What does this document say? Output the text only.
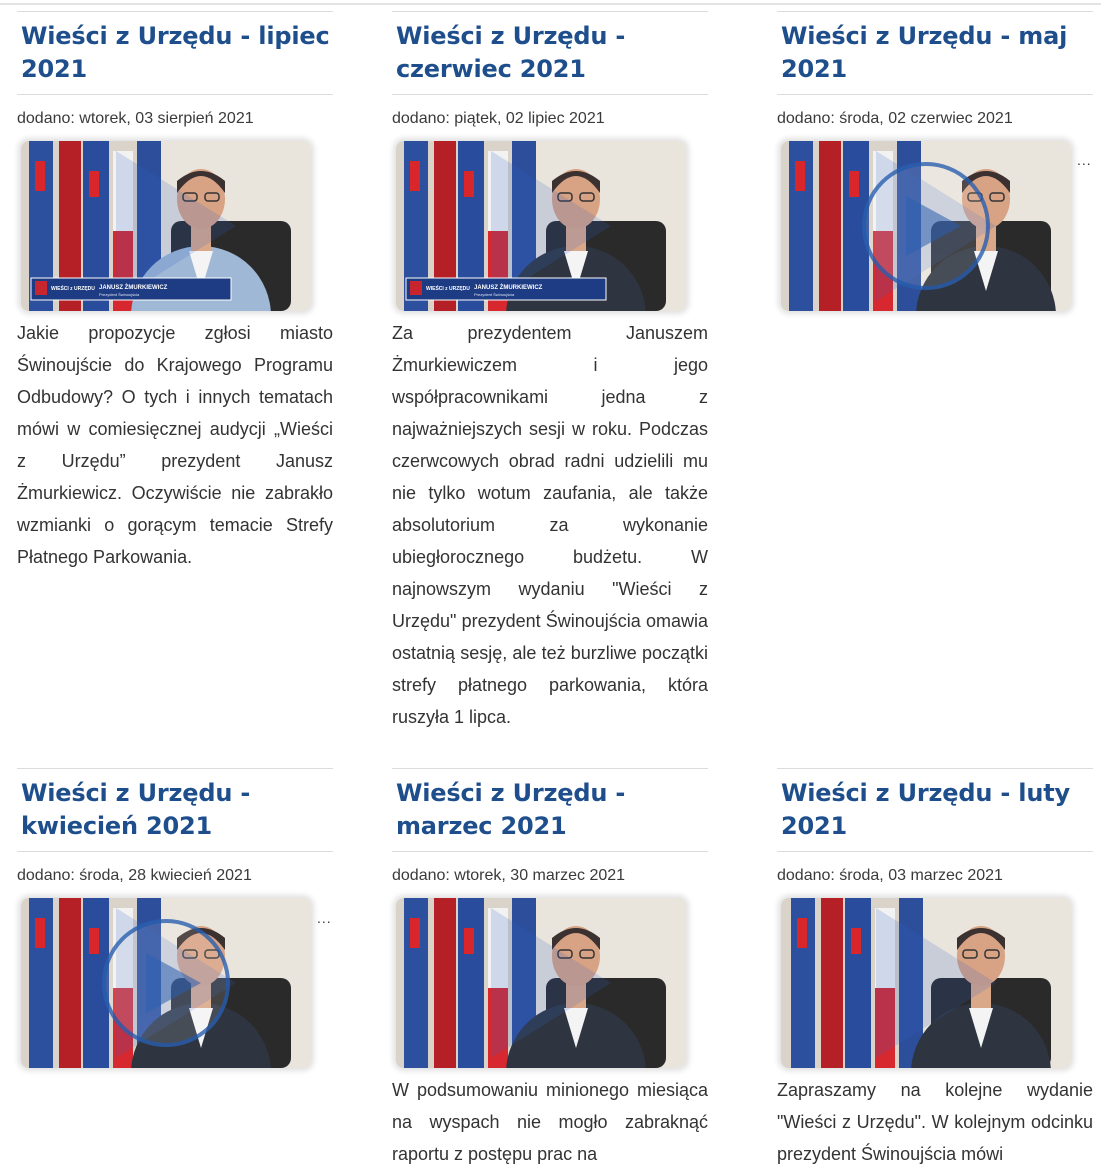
Wieści z Urzędu - lipiec 2021
dodano: wtorek, 03 sierpień 2021
WIEŚCI z URZĘDU JANUSZ ŻMURKIEWICZ
Prezydent Świnoujścia
Jakie propozycje zgłosi miasto Świnoujście do Krajowego Programu Odbudowy? O tych i innych tematach mówi w comiesięcznej audycji „Wieści z Urzędu” prezydent Janusz Żmurkiewicz. Oczywiście nie zabrakło wzmianki o gorącym temacie Strefy Płatnego Parkowania.
Wieści z Urzędu - czerwiec 2021
dodano: piątek, 02 lipiec 2021
WIEŚCI z URZĘDU JANUSZ ŻMURKIEWICZ
Prezydent Świnoujścia
Za prezydentem Januszem Żmurkiewiczem i jego współpracownikami jedna z najważniejszych sesji w roku. Podczas czerwcowych obrad radni udzielili mu nie tylko wotum zaufania, ale także absolutorium za wykonanie ubiegłorocznego budżetu. W najnowszym wydaniu "Wieści z Urzędu" prezydent Świnoujścia omawia ostatnią sesję, ale też burzliwe początki strefy płatnego parkowania, która ruszyła 1 lipca.
Wieści z Urzędu - maj 2021
dodano: środa, 02 czerwiec 2021
...
Wieści z Urzędu - kwiecień 2021
dodano: środa, 28 kwiecień 2021
...
Wieści z Urzędu - marzec 2021
dodano: wtorek, 30 marzec 2021
W podsumowaniu minionego miesiąca na wyspach nie mogło zabraknąć raportu z postępu prac na
Wieści z Urzędu - luty 2021
dodano: środa, 03 marzec 2021
Zapraszamy na kolejne wydanie "Wieści z Urzędu". W kolejnym odcinku prezydent Świnoujścia mówi
